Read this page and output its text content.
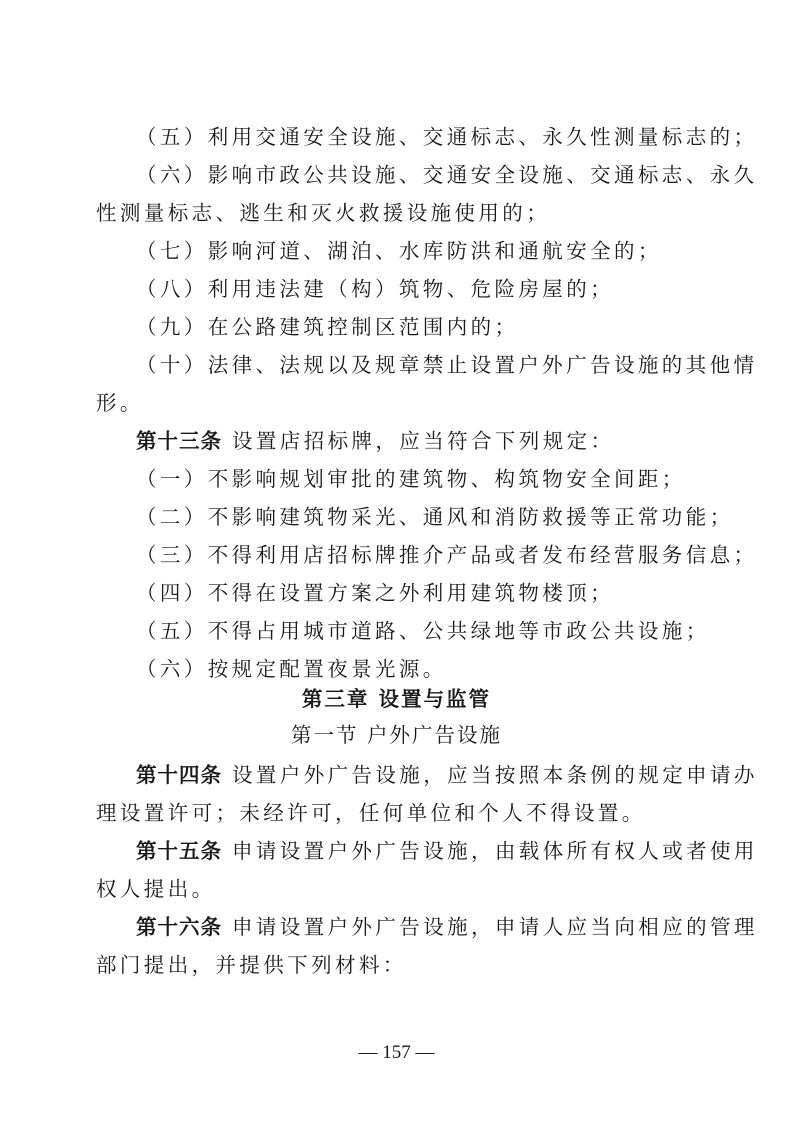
（五）利用交通安全设施、交通标志、永久性测量标志的；
（六）影响市政公共设施、交通安全设施、交通标志、永久
性测量标志、逃生和灭火救援设施使用的；
（七）影响河道、湖泊、水库防洪和通航安全的；
（八）利用违法建（构）筑物、危险房屋的；
（九）在公路建筑控制区范围内的；
（十）法律、法规以及规章禁止设置户外广告设施的其他情
形。
第十三条 设置店招标牌，应当符合下列规定：
（一）不影响规划审批的建筑物、构筑物安全间距；
（二）不影响建筑物采光、通风和消防救援等正常功能；
（三）不得利用店招标牌推介产品或者发布经营服务信息；
（四）不得在设置方案之外利用建筑物楼顶；
（五）不得占用城市道路、公共绿地等市政公共设施；
（六）按规定配置夜景光源。
第三章 设置与监管
第一节 户外广告设施
第十四条 设置户外广告设施，应当按照本条例的规定申请办
理设置许可；未经许可，任何单位和个人不得设置。
第十五条 申请设置户外广告设施，由载体所有权人或者使用
权人提出。
第十六条 申请设置户外广告设施，申请人应当向相应的管理
部门提出，并提供下列材料：
— 157 —
